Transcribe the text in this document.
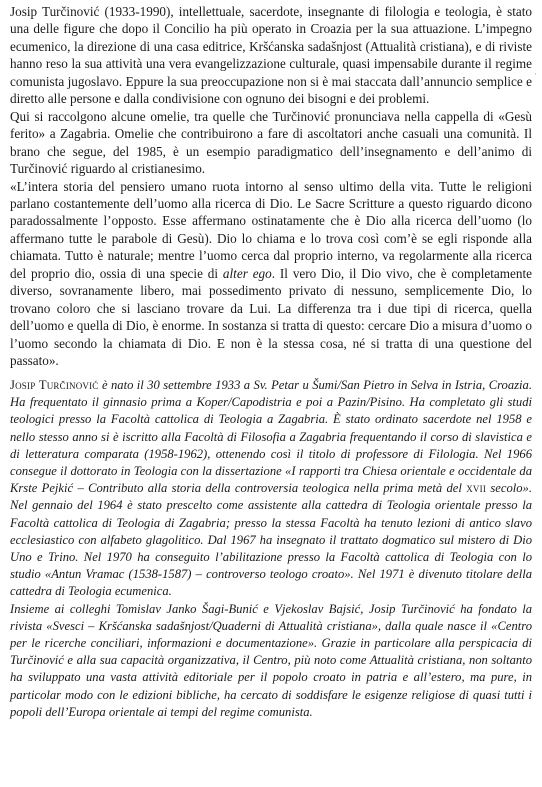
Josip Turčinović (1933-1990), intellettuale, sacerdote, insegnante di filologia e teologia, è stato una delle figure che dopo il Concilio ha più operato in Croazia per la sua attuazione. L’impegno ecumenico, la direzione di una casa editrice, Kršćanska sadašnjost (Attualità cristiana), e di riviste hanno reso la sua attività una vera evangelizzazione culturale, quasi impensabile durante il regime comunista jugoslavo. Eppure la sua preoccupazione non si è mai staccata dall’annuncio semplice e diretto alle persone e dalla condivisione con ognuno dei bisogni e dei problemi.

Qui si raccolgono alcune omelie, tra quelle che Turčinović pronunciava nella cappella di «Gesù ferito» a Zagabria. Omelie che contribuirono a fare di ascoltatori anche casuali una comunità. Il brano che segue, del 1985, è un esempio paradigmatico dell’insegnamento e dell’animo di Turčinović riguardo al cristianesimo.

«L’intera storia del pensiero umano ruota intorno al senso ultimo della vita. Tutte le religioni parlano costantemente dell’uomo alla ricerca di Dio. Le Sacre Scritture a questo riguardo dicono paradossalmente l’opposto. Esse affermano ostinatamente che è Dio alla ricerca dell’uomo (lo affermano tutte le parabole di Gesù). Dio lo chiama e lo trova così com’è se egli risponde alla chiamata. Tutto è naturale; mentre l’uomo cerca dal proprio interno, va regolarmente alla ricerca del proprio dio, ossia di una specie di alter ego. Il vero Dio, il Dio vivo, che è completamente diverso, sovranamente libero, mai possedimento privato di nessuno, semplicemente Dio, lo trovano coloro che si lasciano trovare da Lui. La differenza tra i due tipi di ricerca, quella dell’uomo e quella di Dio, è enorme. In sostanza si tratta di questo: cercare Dio a misura d’uomo o l’uomo secondo la chiamata di Dio. E non è la stessa cosa, né si tratta di una questione del passato».

·

Josip Turčinović è nato il 30 settembre 1933 a Sv. Petar u Šumi/San Pietro in Selva in Istria, Croazia. Ha frequentato il ginnasio prima a Koper/Capodistria e poi a Pazin/Pisino. Ha completato gli studi teologici presso la Facoltà cattolica di Teologia a Zagabria. È stato ordinato sacerdote nel 1958 e nello stesso anno si è iscritto alla Facoltà di Filosofia a Zagabria frequentando il corso di slavistica e di letteratura comparata (1958-1962), ottenendo così il titolo di professore di Filologia. Nel 1966 consegue il dottorato in Teologia con la dissertazione «I rapporti tra Chiesa orientale e occidentale da Krste Pejkić – Contributo alla storia della controversia teologica nella prima metà del xvii secolo». Nel gennaio del 1964 è stato prescelto come assistente alla cattedra di Teologia orientale presso la Facoltà cattolica di Teologia di Zagabria; presso la stessa Facoltà ha tenuto lezioni di antico slavo ecclesiastico con alfabeto glagolitico. Dal 1967 ha insegnato il trattato dogmatico sul mistero di Dio Uno e Trino. Nel 1970 ha conseguito l’abilitazione presso la Facoltà cattolica di Teologia con lo studio «Antun Vramac (1538-1587) – controverso teologo croato». Nel 1971 è divenuto titolare della cattedra di Teologia ecumenica.

Insieme ai colleghi Tomislav Janko Šagi-Bunić e Vjekoslav Bajsić, Josip Turčinović ha fondato la rivista «Svesci – Kršćanska sadašnjost/Quaderni di Attualità cristiana», dalla quale nasce il «Centro per le ricerche conciliari, informazioni e documentazione». Grazie in particolare alla perspicacia di Turčinović e alla sua capacità organizzativa, il Centro, più noto come Attualità cristiana, non soltanto ha sviluppato una vasta attività editoriale per il popolo croato in patria e all’estero, ma pure, in particolar modo con le edizioni bibliche, ha cercato di soddisfare le esigenze religiose di quasi tutti i popoli dell’Europa orientale ai tempi del regime comunista.
